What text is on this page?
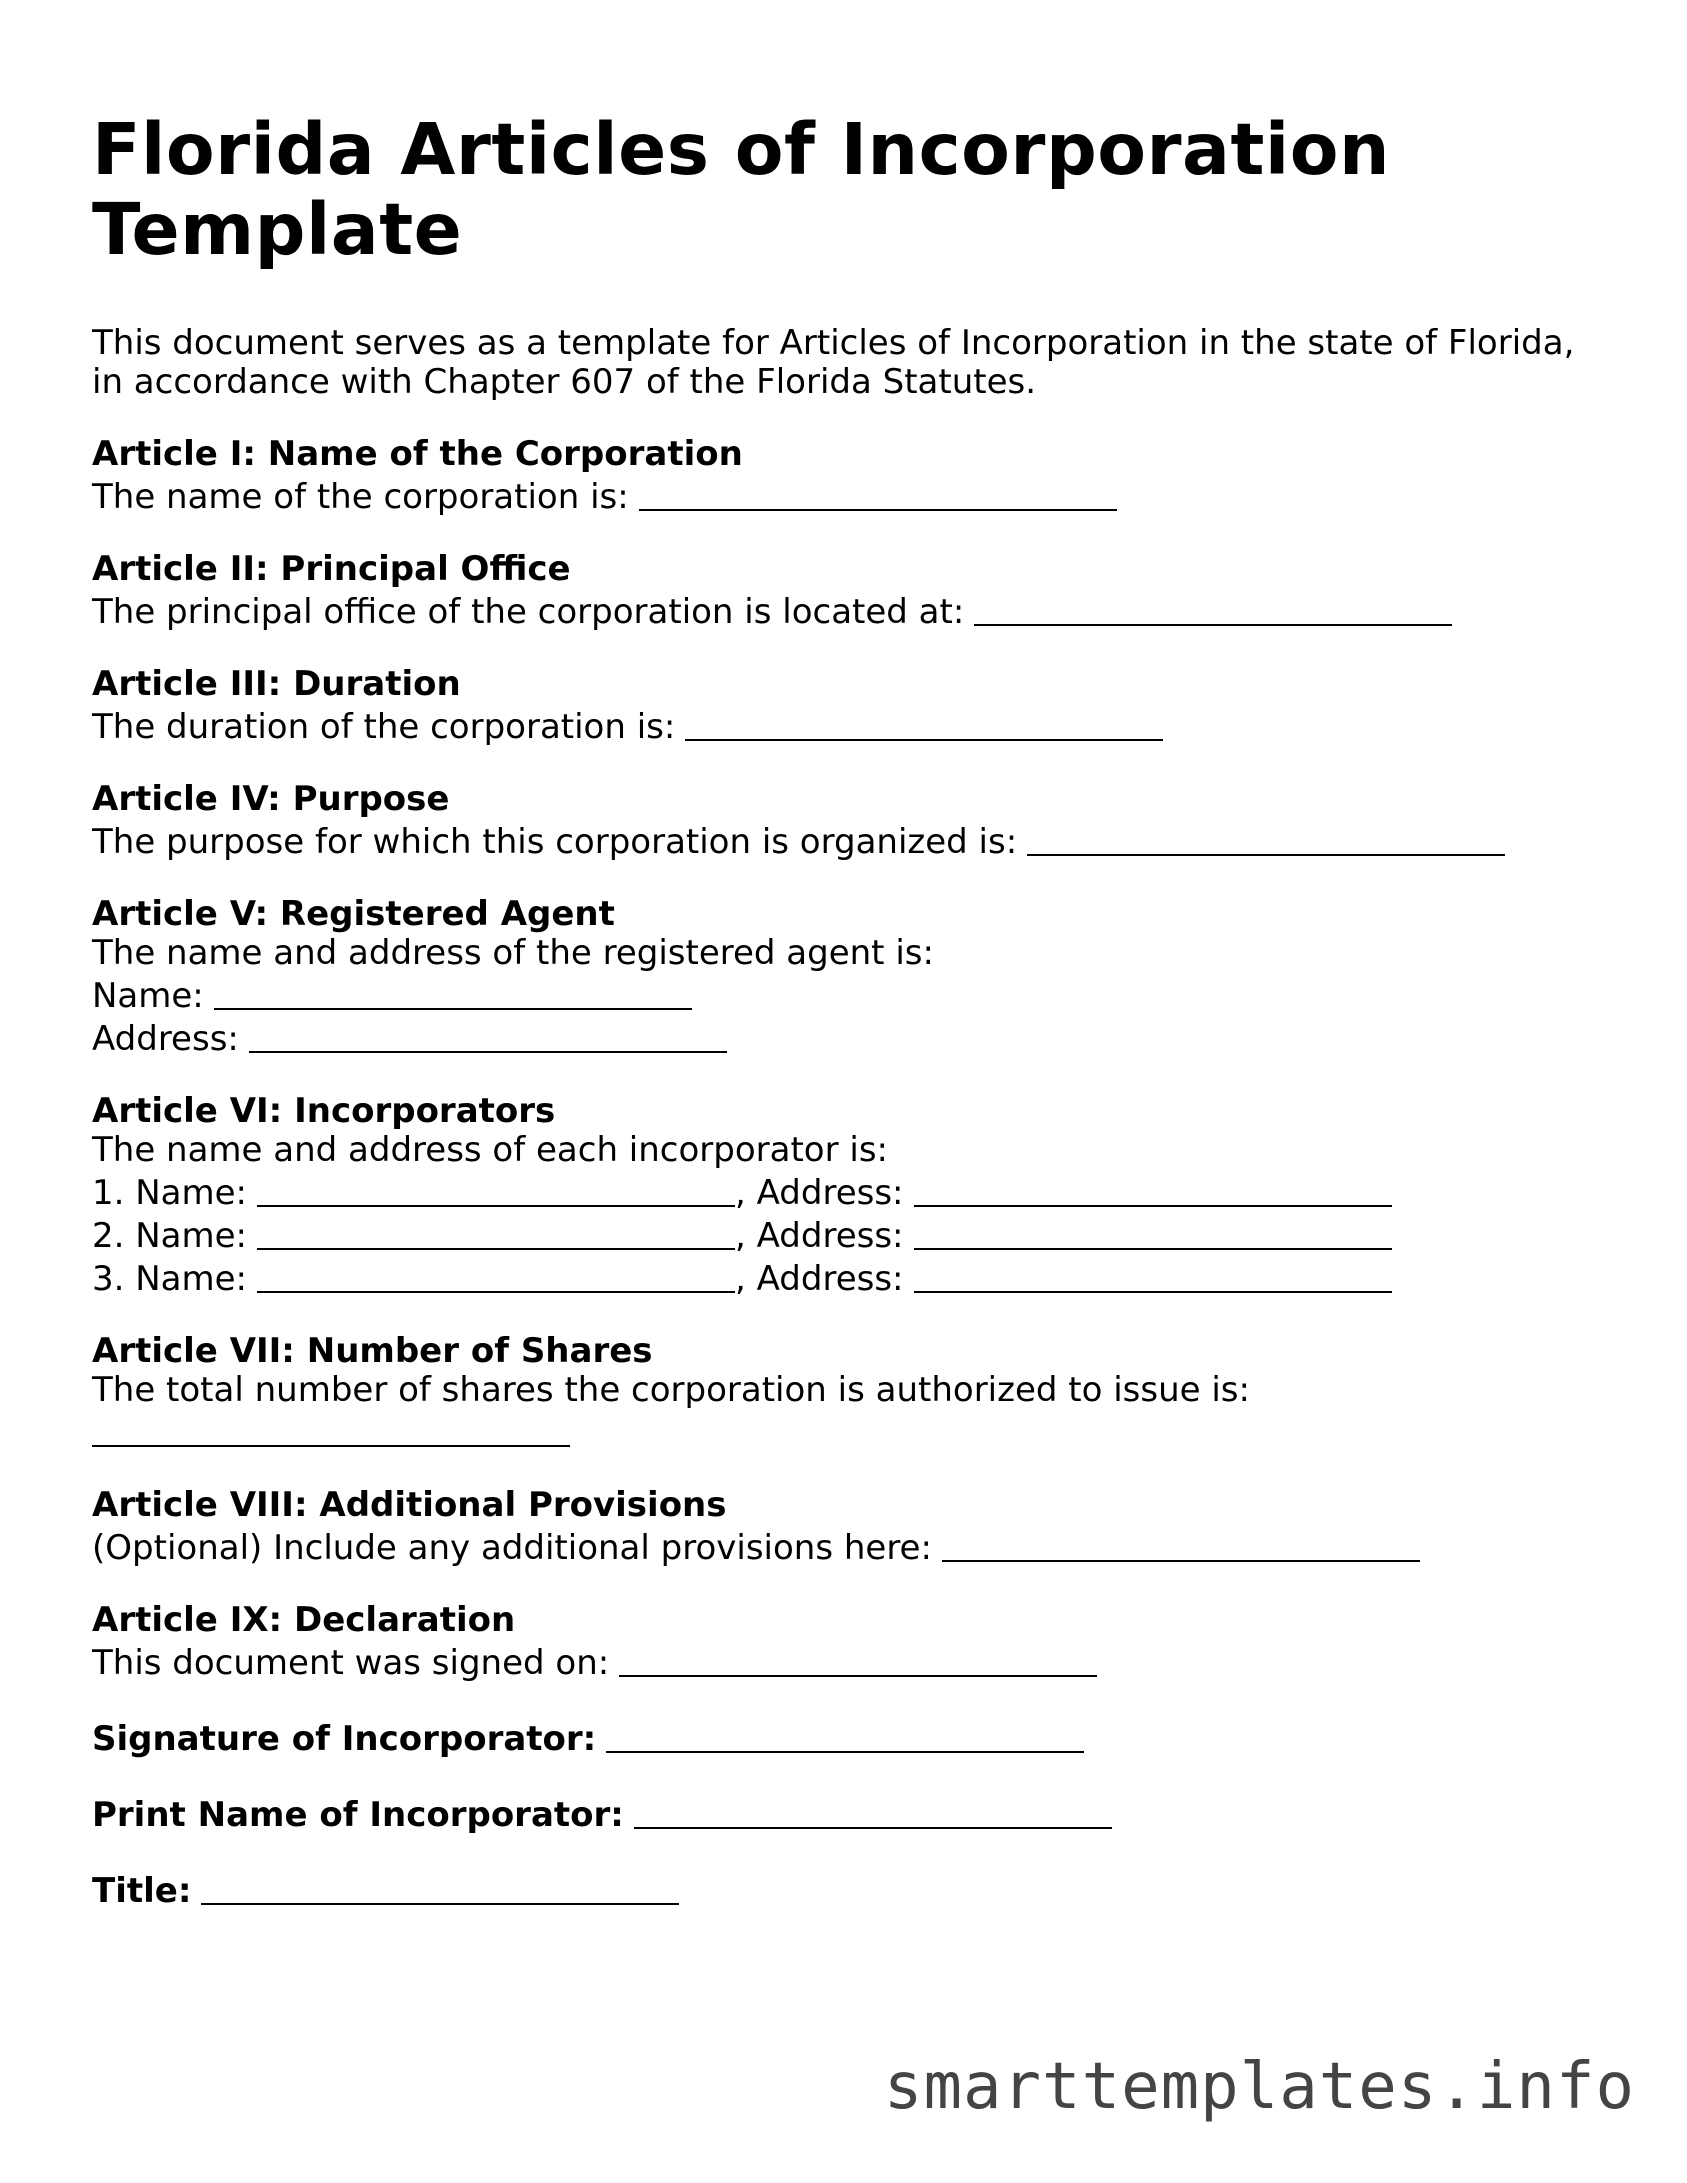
Florida Articles of Incorporation Template

This document serves as a template for Articles of Incorporation in the state of Florida, in accordance with Chapter 607 of the Florida Statutes.

Article I: Name of the Corporation
The name of the corporation is:
Article II: Principal Office
The principal office of the corporation is located at:
Article III: Duration
The duration of the corporation is:
Article IV: Purpose
The purpose for which this corporation is organized is:
Article V: Registered Agent
The name and address of the registered agent is:
Name:
Address:
Article VI: Incorporators
The name and address of each incorporator is:
1. Name:	, Address:
2. Name:	, Address:
3. Name:	, Address:
Article VII: Number of Shares
The total number of shares the corporation is authorized to issue is:
Article VIII: Additional Provisions
(Optional) Include any additional provisions here:
Article IX: Declaration
This document was signed on:
Signature of Incorporator:
Print Name of Incorporator:
Title:
smarttemplates.info
